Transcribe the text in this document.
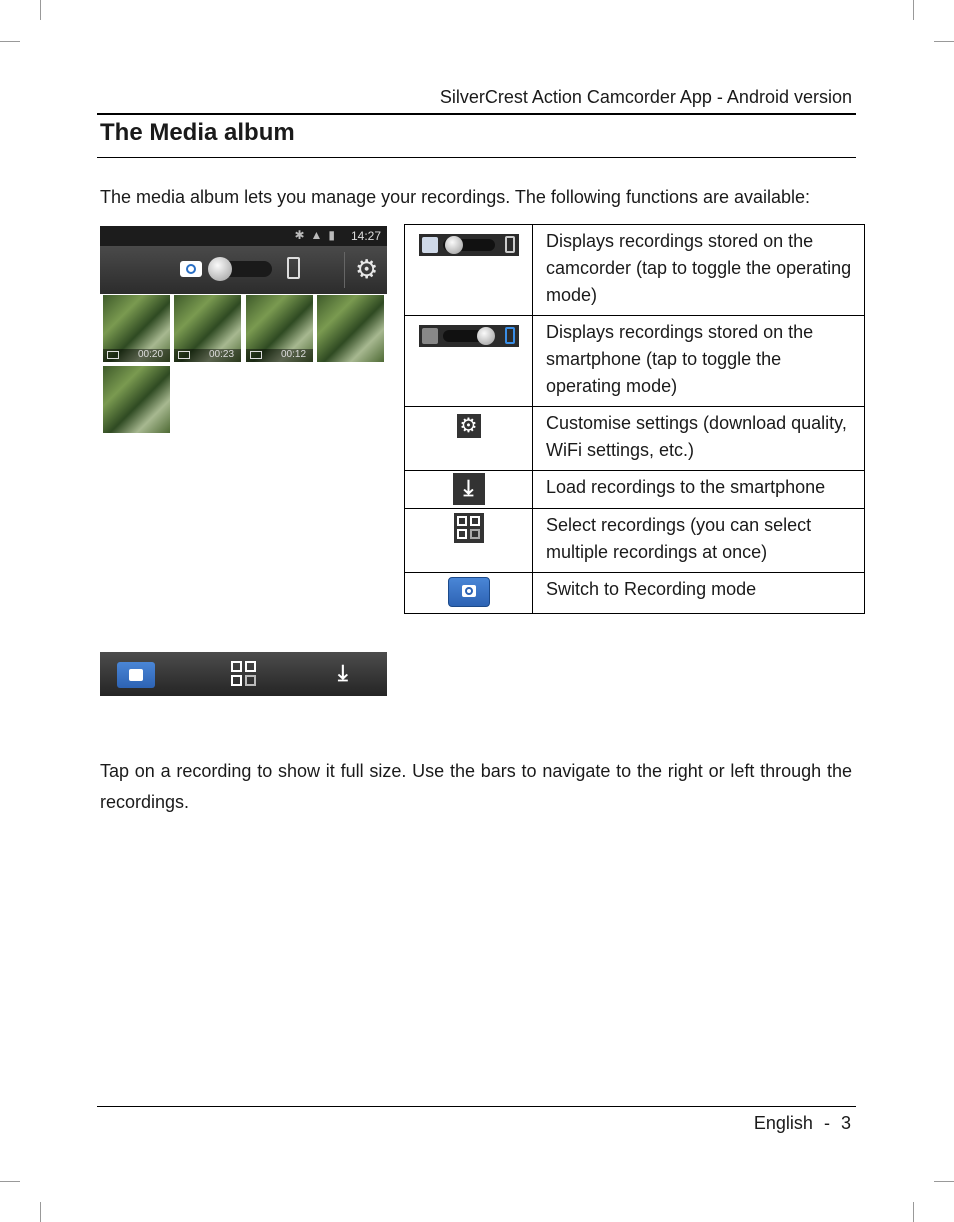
SilverCrest Action Camcorder App - Android version
The Media album

The media album lets you manage your recordings. The following functions are available:

✱▲▮ 14:27
⚙
00:20	00:23	00:12
	Displays recordings stored on the camcorder (tap to toggle the operating mode)

	Displays recordings stored on the smartphone (tap to toggle the operating mode)
⚙	Customise settings (download quality, WiFi settings, etc.)
⤓	Load recordings to the smartphone

	Select recordings (you can select multiple recordings at once)
	Switch to Recording mode
⤓

Tap on a recording to show it full size. Use the bars to navigate to the right or left through the recordings.

English - 3
